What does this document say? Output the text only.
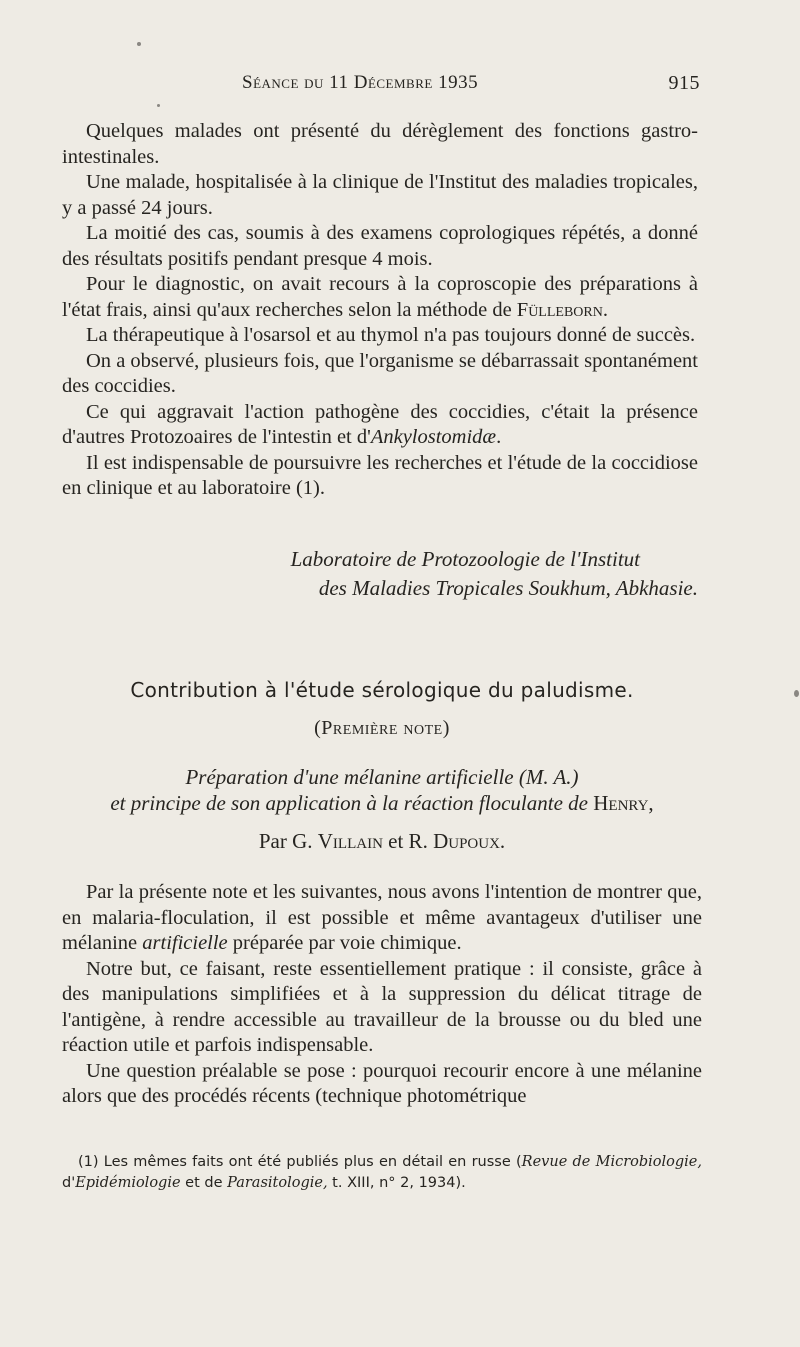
Séance du 11 Décembre 1935	915

Quelques malades ont présenté du dérèglement des fonctions gastro-intestinales.

Une malade, hospitalisée à la clinique de l'Institut des maladies tropicales, y a passé 24 jours.

La moitié des cas, soumis à des examens coprologiques répétés, a donné des résultats positifs pendant presque 4 mois.

Pour le diagnostic, on avait recours à la coproscopie des préparations à l'état frais, ainsi qu'aux recherches selon la méthode de Fülleborn.

La thérapeutique à l'osarsol et au thymol n'a pas toujours donné de succès.

On a observé, plusieurs fois, que l'organisme se débarrassait spontanément des coccidies.

Ce qui aggravait l'action pathogène des coccidies, c'était la présence d'autres Protozoaires de l'intestin et d'Ankylostomidæ.

Il est indispensable de poursuivre les recherches et l'étude de la coccidiose en clinique et au laboratoire (1).

Laboratoire de Protozoologie de l'Institut
des Maladies Tropicales Soukhum, Abkhasie.
Contribution à l'étude sérologique du paludisme.
(Première note)
Préparation d'une mélanine artificielle (M. A.)
et principe de son application à la réaction floculante de Henry,
Par G. Villain et R. Dupoux.

Par la présente note et les suivantes, nous avons l'intention de montrer que, en malaria-floculation, il est possible et même avantageux d'utiliser une mélanine artificielle préparée par voie chimique.

Notre but, ce faisant, reste essentiellement pratique : il consiste, grâce à des manipulations simplifiées et à la suppression du délicat titrage de l'antigène, à rendre accessible au travailleur de la brousse ou du bled une réaction utile et parfois indispensable.

Une question préalable se pose : pourquoi recourir encore à une mélanine alors que des procédés récents (technique photométrique

(1) Les mêmes faits ont été publiés plus en détail en russe (Revue de Microbiologie, d'Epidémiologie et de Parasitologie, t. XIII, n° 2, 1934).
